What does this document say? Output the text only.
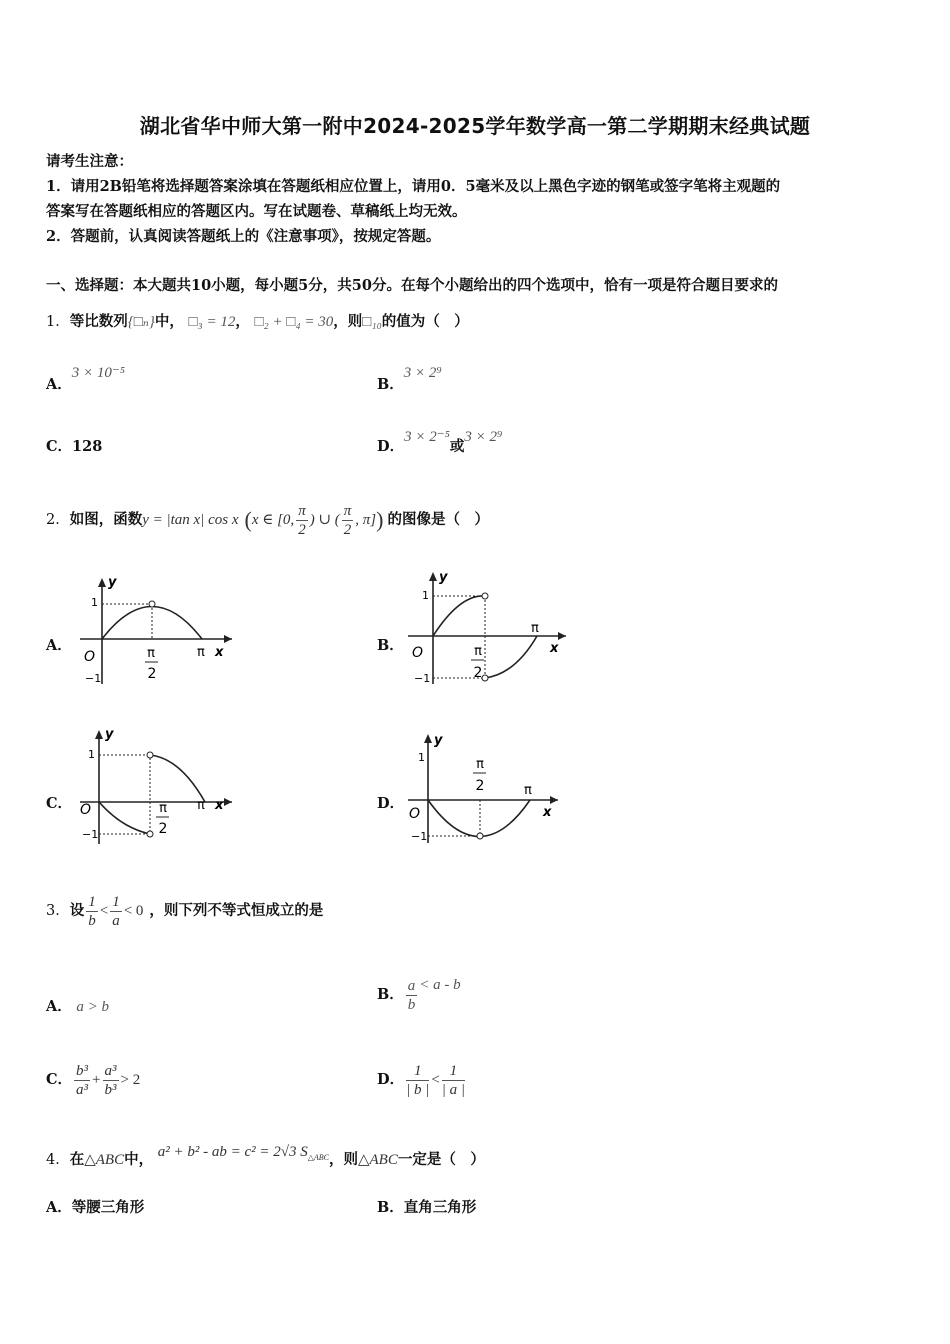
湖北省华中师大第一附中2024-2025学年数学高一第二学期期末经典试题
请考生注意：
1．请用2B铅笔将选择题答案涂填在答题纸相应位置上，请用0．5毫米及以上黑色字迹的钢笔或签字笔将主观题的
答案写在答题纸相应的答题区内。写在试题卷、草稿纸上均无效。
2．答题前，认真阅读答题纸上的《注意事项》，按规定答题。
一、选择题：本大题共10小题，每小题5分，共50分。在每个小题给出的四个选项中，恰有一项是符合题目要求的
1．等比数列{□ₙ}中， □₃ = 12， □₂ + □₄ = 30，则□₁₀的值为（　）
A．3 × 10⁻⁵
B．3 × 2⁹
C．128	D．3 × 2⁻⁵或3 × 2⁹
2． 如图，函数 y = |tan x| cos x ( x ∈ [0, $\frac{\pi}{2}$ ) ∪ ( $\frac{\pi}{2}$ , π] ) 的图像是（　）
A．	B．
C．	D．
y
1
−1
O	π x
π
2
y
1
−1
O
π
x
π
2
y
1
−1
O	π x
π
2
y
1
−1
O
π
x
π
2
3． 设 $\frac{1}{b} < \frac{1}{a} < 0$ ，则下列不等式恒成立的是
A． a > b
B． $\frac{a}{b} < a - b$
C． $\frac{\text{b³}}{\text{a³}} + \frac{\text{a³}}{\text{b³}} > 2$	D． $\frac{1}{| b |} < \frac{1}{| a |}$
4．在△ABC中， a² + b² - ab = c² = 2√3 $S^{\triangle ABC}$，则△ABC一定是（　）
A．等腰三角形	B．直角三角形
